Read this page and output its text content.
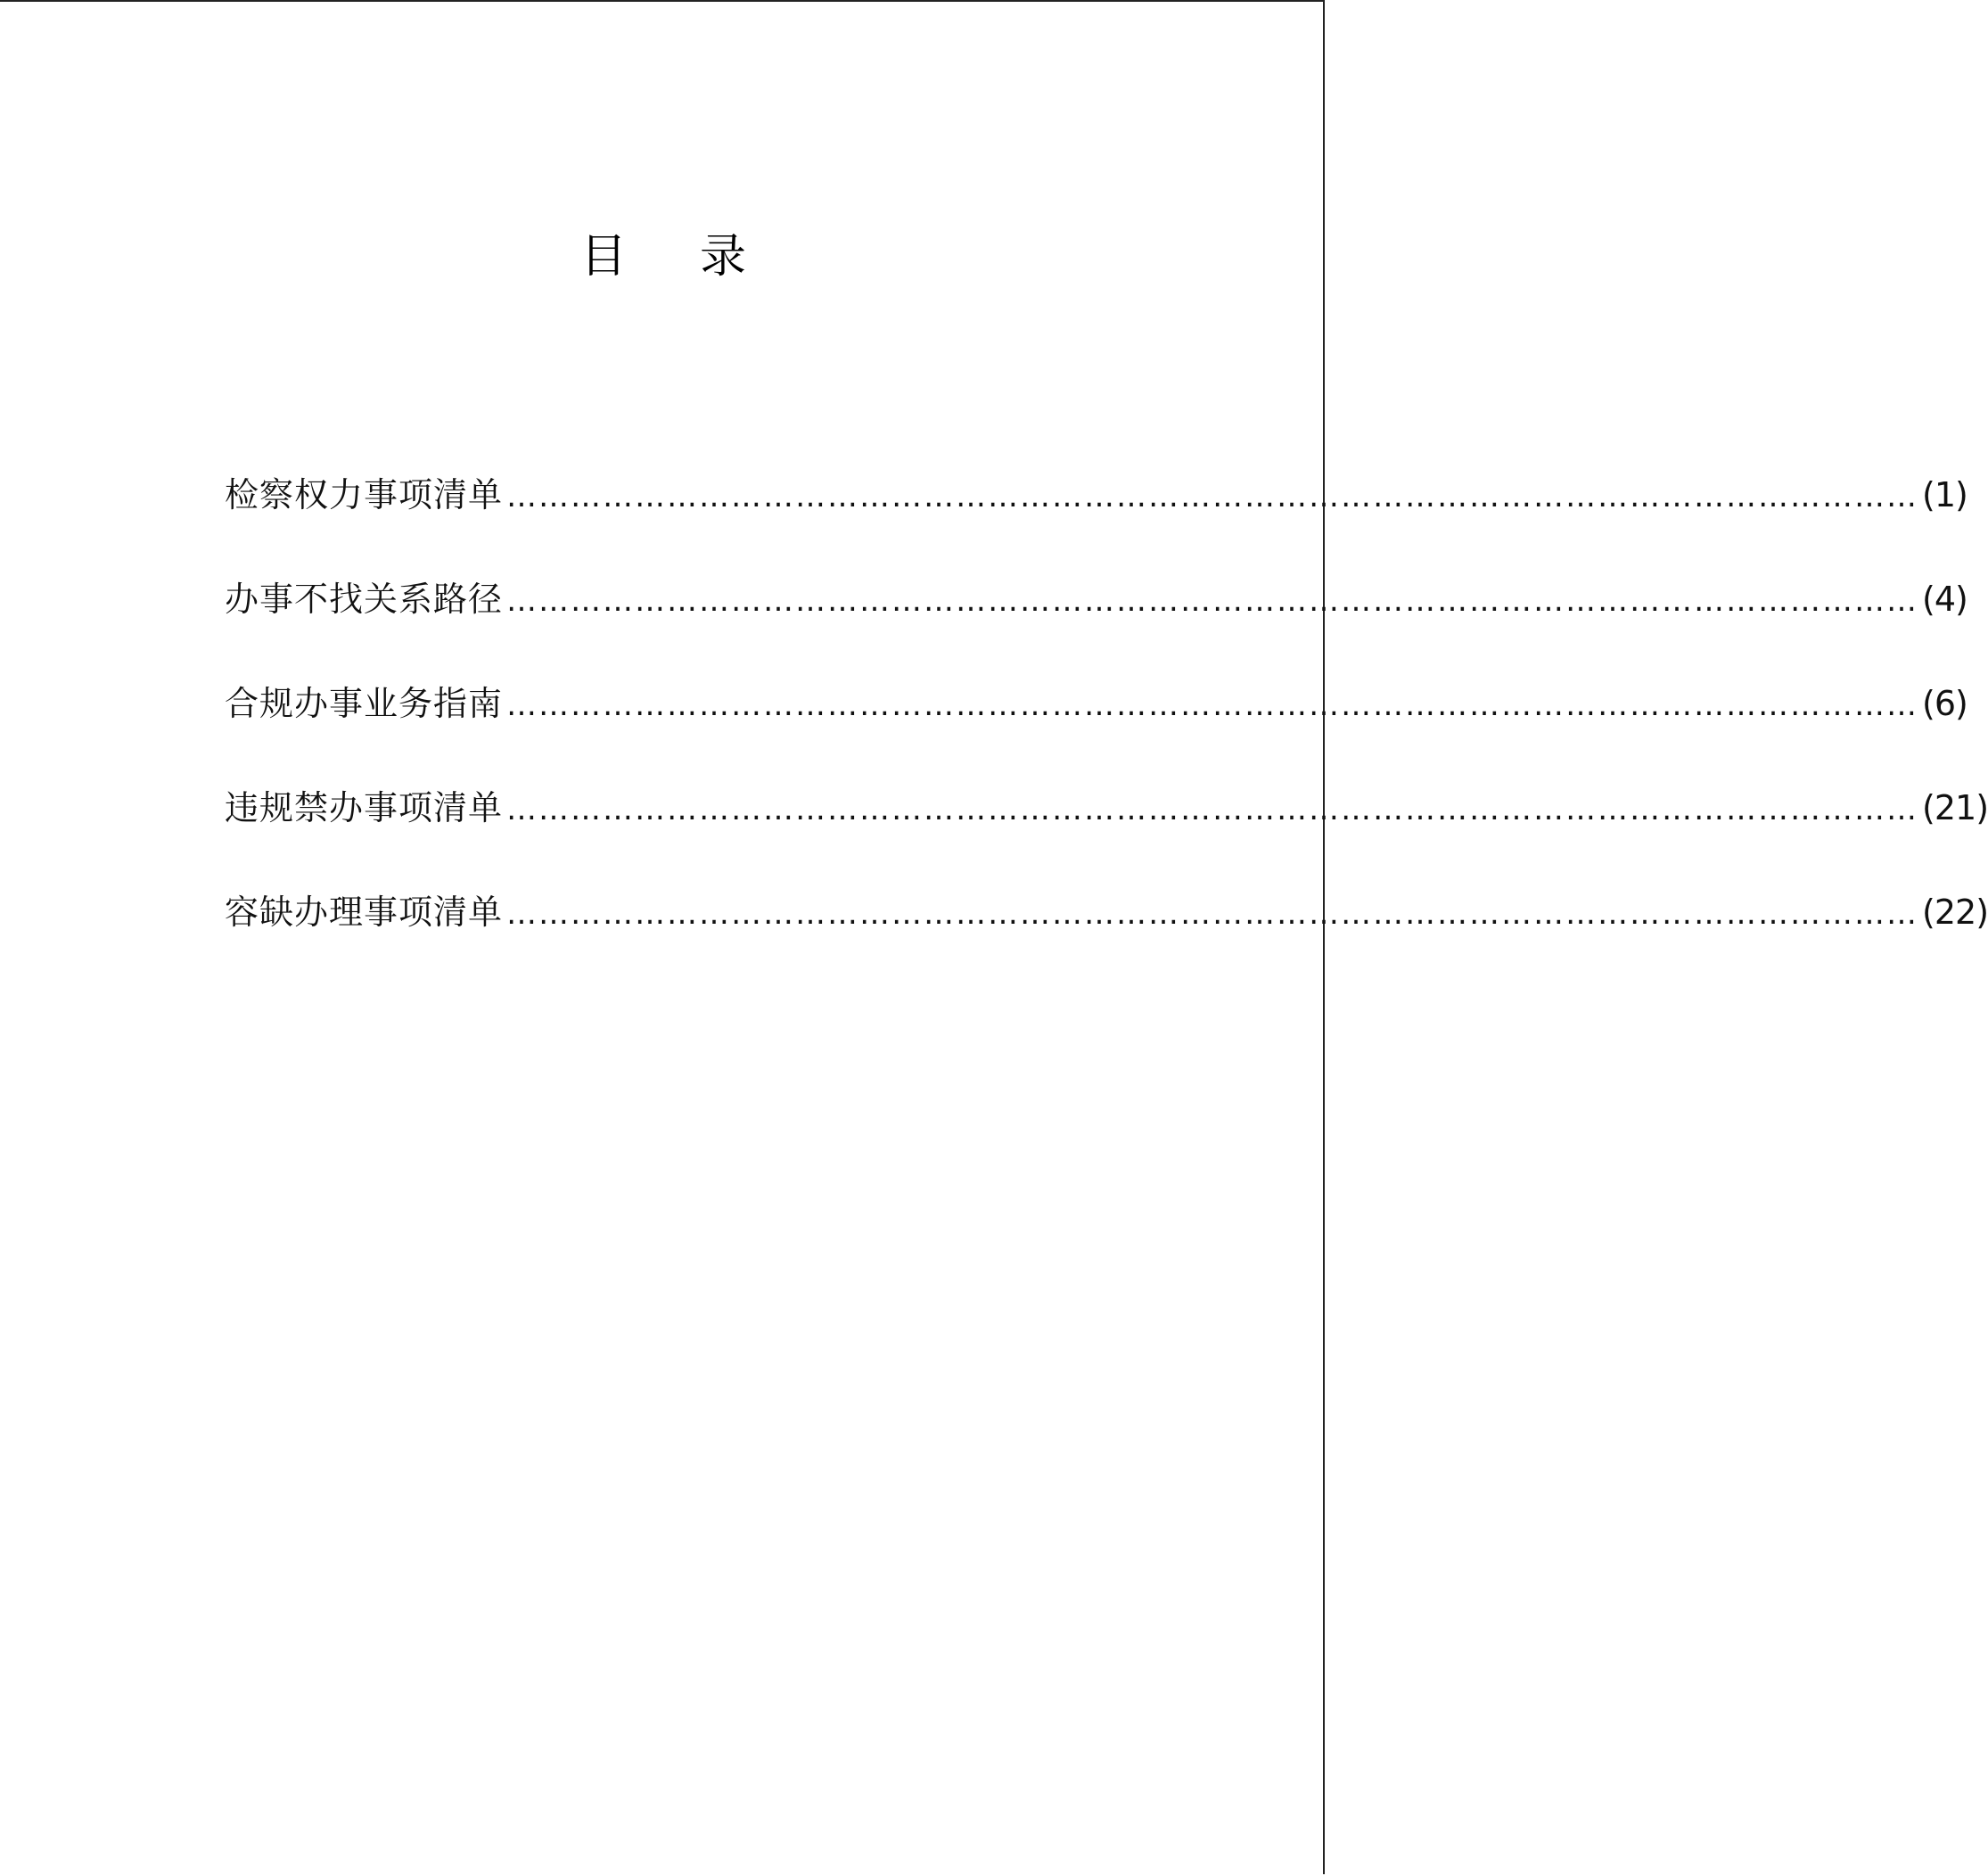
目录
检察权力事项清单 …………………………………………………………………………………………………………………… (1)
办事不找关系路径 …………………………………………………………………………………………………………………… (4)
合规办事业务指南 …………………………………………………………………………………………………………………… (6)
违规禁办事项清单 …………………………………………………………………………………………………………………… (21)
容缺办理事项清单 …………………………………………………………………………………………………………………… (22)
